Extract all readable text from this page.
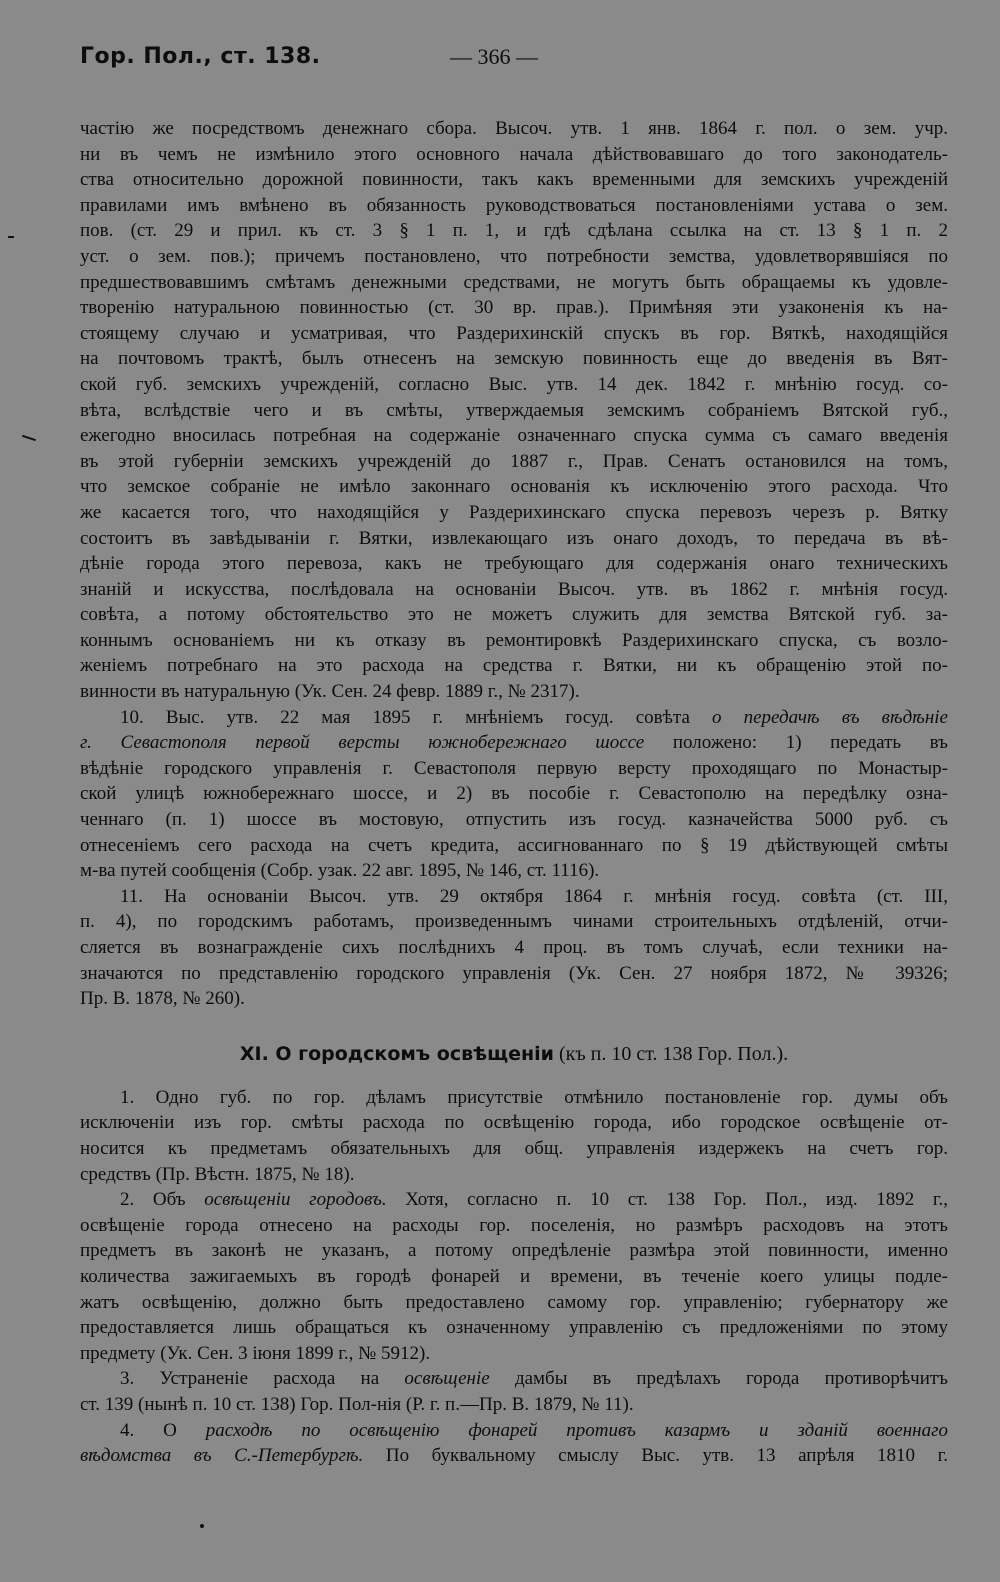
Гор. Пол., ст. 138.	— 366 —
частію же посредствомъ денежнаго сбора. Высоч. утв. 1 янв. 1864 г. пол. о зем. учр.
ни въ чемъ не измѣнило этого основного начала дѣйствовавшаго до того законодатель-
ства относительно дорожной повинности, такъ какъ временными для земскихъ учрежденій
правилами имъ вмѣнено въ обязанность руководствоваться постановленіями устава о зем.
пов. (ст. 29 и прил. къ ст. 3 § 1 п. 1, и гдѣ сдѣлана ссылка на ст. 13 § 1 п. 2
уст. о зем. пов.); причемъ постановлено, что потребности земства, удовлетворявшіяся по
предшествовавшимъ смѣтамъ денежными средствами, не могутъ быть обращаемы къ удовле-
творенію натуральною повинностью (ст. 30 вр. прав.). Примѣняя эти узаконенія къ на-
стоящему случаю и усматривая, что Раздерихинскій спускъ въ гор. Вяткѣ, находящійся
на почтовомъ трактѣ, былъ отнесенъ на земскую повинность еще до введенія въ Вят-
ской губ. земскихъ учрежденій, согласно Выс. утв. 14 дек. 1842 г. мнѣнію госуд. со-
вѣта, вслѣдствіе чего и въ смѣты, утверждаемыя земскимъ собраніемъ Вятской губ.,
ежегодно вносилась потребная на содержаніе означеннаго спуска сумма съ самаго введенія
въ этой губерніи земскихъ учрежденій до 1887 г., Прав. Сенатъ остановился на томъ,
что земское собраніе не имѣло законнаго основанія къ исключенію этого расхода. Что
же касается того, что находящійся у Раздерихинскаго спуска перевозъ черезъ р. Вятку
состоитъ въ завѣдываніи г. Вятки, извлекающаго изъ онаго доходъ, то передача въ вѣ-
дѣніе города этого перевоза, какъ не требующаго для содержанія онаго техническихъ
знаній и искусства, послѣдовала на основаніи Высоч. утв. въ 1862 г. мнѣнія госуд.
совѣта, а потому обстоятельство это не можетъ служить для земства Вятской губ. за-
коннымъ основаніемъ ни къ отказу въ ремонтировкѣ Раздерихинскаго спуска, съ возло-
женіемъ потребнаго на это расхода на средства г. Вятки, ни къ обращенію этой по-
винности въ натуральную (Ук. Сен. 24 февр. 1889 г., № 2317).
10. Выс. утв. 22 мая 1895 г. мнѣніемъ госуд. совѣта о передачѣ въ вѣдѣніе
г. Севастополя первой версты южнобережнаго шоссе положено: 1) передать въ
вѣдѣніе городского управленія г. Севастополя первую версту проходящаго по Монастыр-
ской улицѣ южнобережнаго шоссе, и 2) въ пособіе г. Севастополю на передѣлку озна-
ченнаго (п. 1) шоссе въ мостовую, отпустить изъ госуд. казначейства 5000 руб. съ
отнесеніемъ сего расхода на счетъ кредита, ассигнованнаго по § 19 дѣйствующей смѣты
м-ва путей сообщенія (Собр. узак. 22 авг. 1895, № 146, ст. 1116).
11. На основаніи Высоч. утв. 29 октября 1864 г. мнѣнія госуд. совѣта (ст. III,
п. 4), по городскимъ работамъ, произведеннымъ чинами строительныхъ отдѣленій, отчи-
сляется въ вознагражденіе сихъ послѣднихъ 4 проц. въ томъ случаѣ, если техники на-
значаются по представленію городского управленія (Ук. Сен. 27 ноября 1872, № 39326;
Пр. В. 1878, № 260).
XI. О городскомъ освѣщеніи (къ п. 10 ст. 138 Гор. Пол.).
1. Одно губ. по гор. дѣламъ присутствіе отмѣнило постановленіе гор. думы объ
исключеніи изъ гор. смѣты расхода по освѣщенію города, ибо городское освѣщеніе от-
носится къ предметамъ обязательныхъ для общ. управленія издержекъ на счетъ гор.
средствъ (Пр. Вѣстн. 1875, № 18).
2. Объ освѣщеніи городовъ. Хотя, согласно п. 10 ст. 138 Гор. Пол., изд. 1892 г.,
освѣщеніе города отнесено на расходы гор. поселенія, но размѣръ расходовъ на этотъ
предметъ въ законѣ не указанъ, а потому опредѣленіе размѣра этой повинности, именно
количества зажигаемыхъ въ городѣ фонарей и времени, въ теченіе коего улицы подле-
жатъ освѣщенію, должно быть предоставлено самому гор. управленію; губернатору же
предоставляется лишь обращаться къ означенному управленію съ предложеніями по этому
предмету (Ук. Сен. 3 іюня 1899 г., № 5912).
3. Устраненіе расхода на освѣщеніе дамбы въ предѣлахъ города противорѣчитъ
ст. 139 (нынѣ п. 10 ст. 138) Гор. Пол-нія (Р. г. п.—Пр. В. 1879, № 11).
4. О расходѣ по освѣщенію фонарей противъ казармъ и зданій военнаго
вѣдомства въ С.-Петербургѣ. По буквальному смыслу Выс. утв. 13 апрѣля 1810 г.
